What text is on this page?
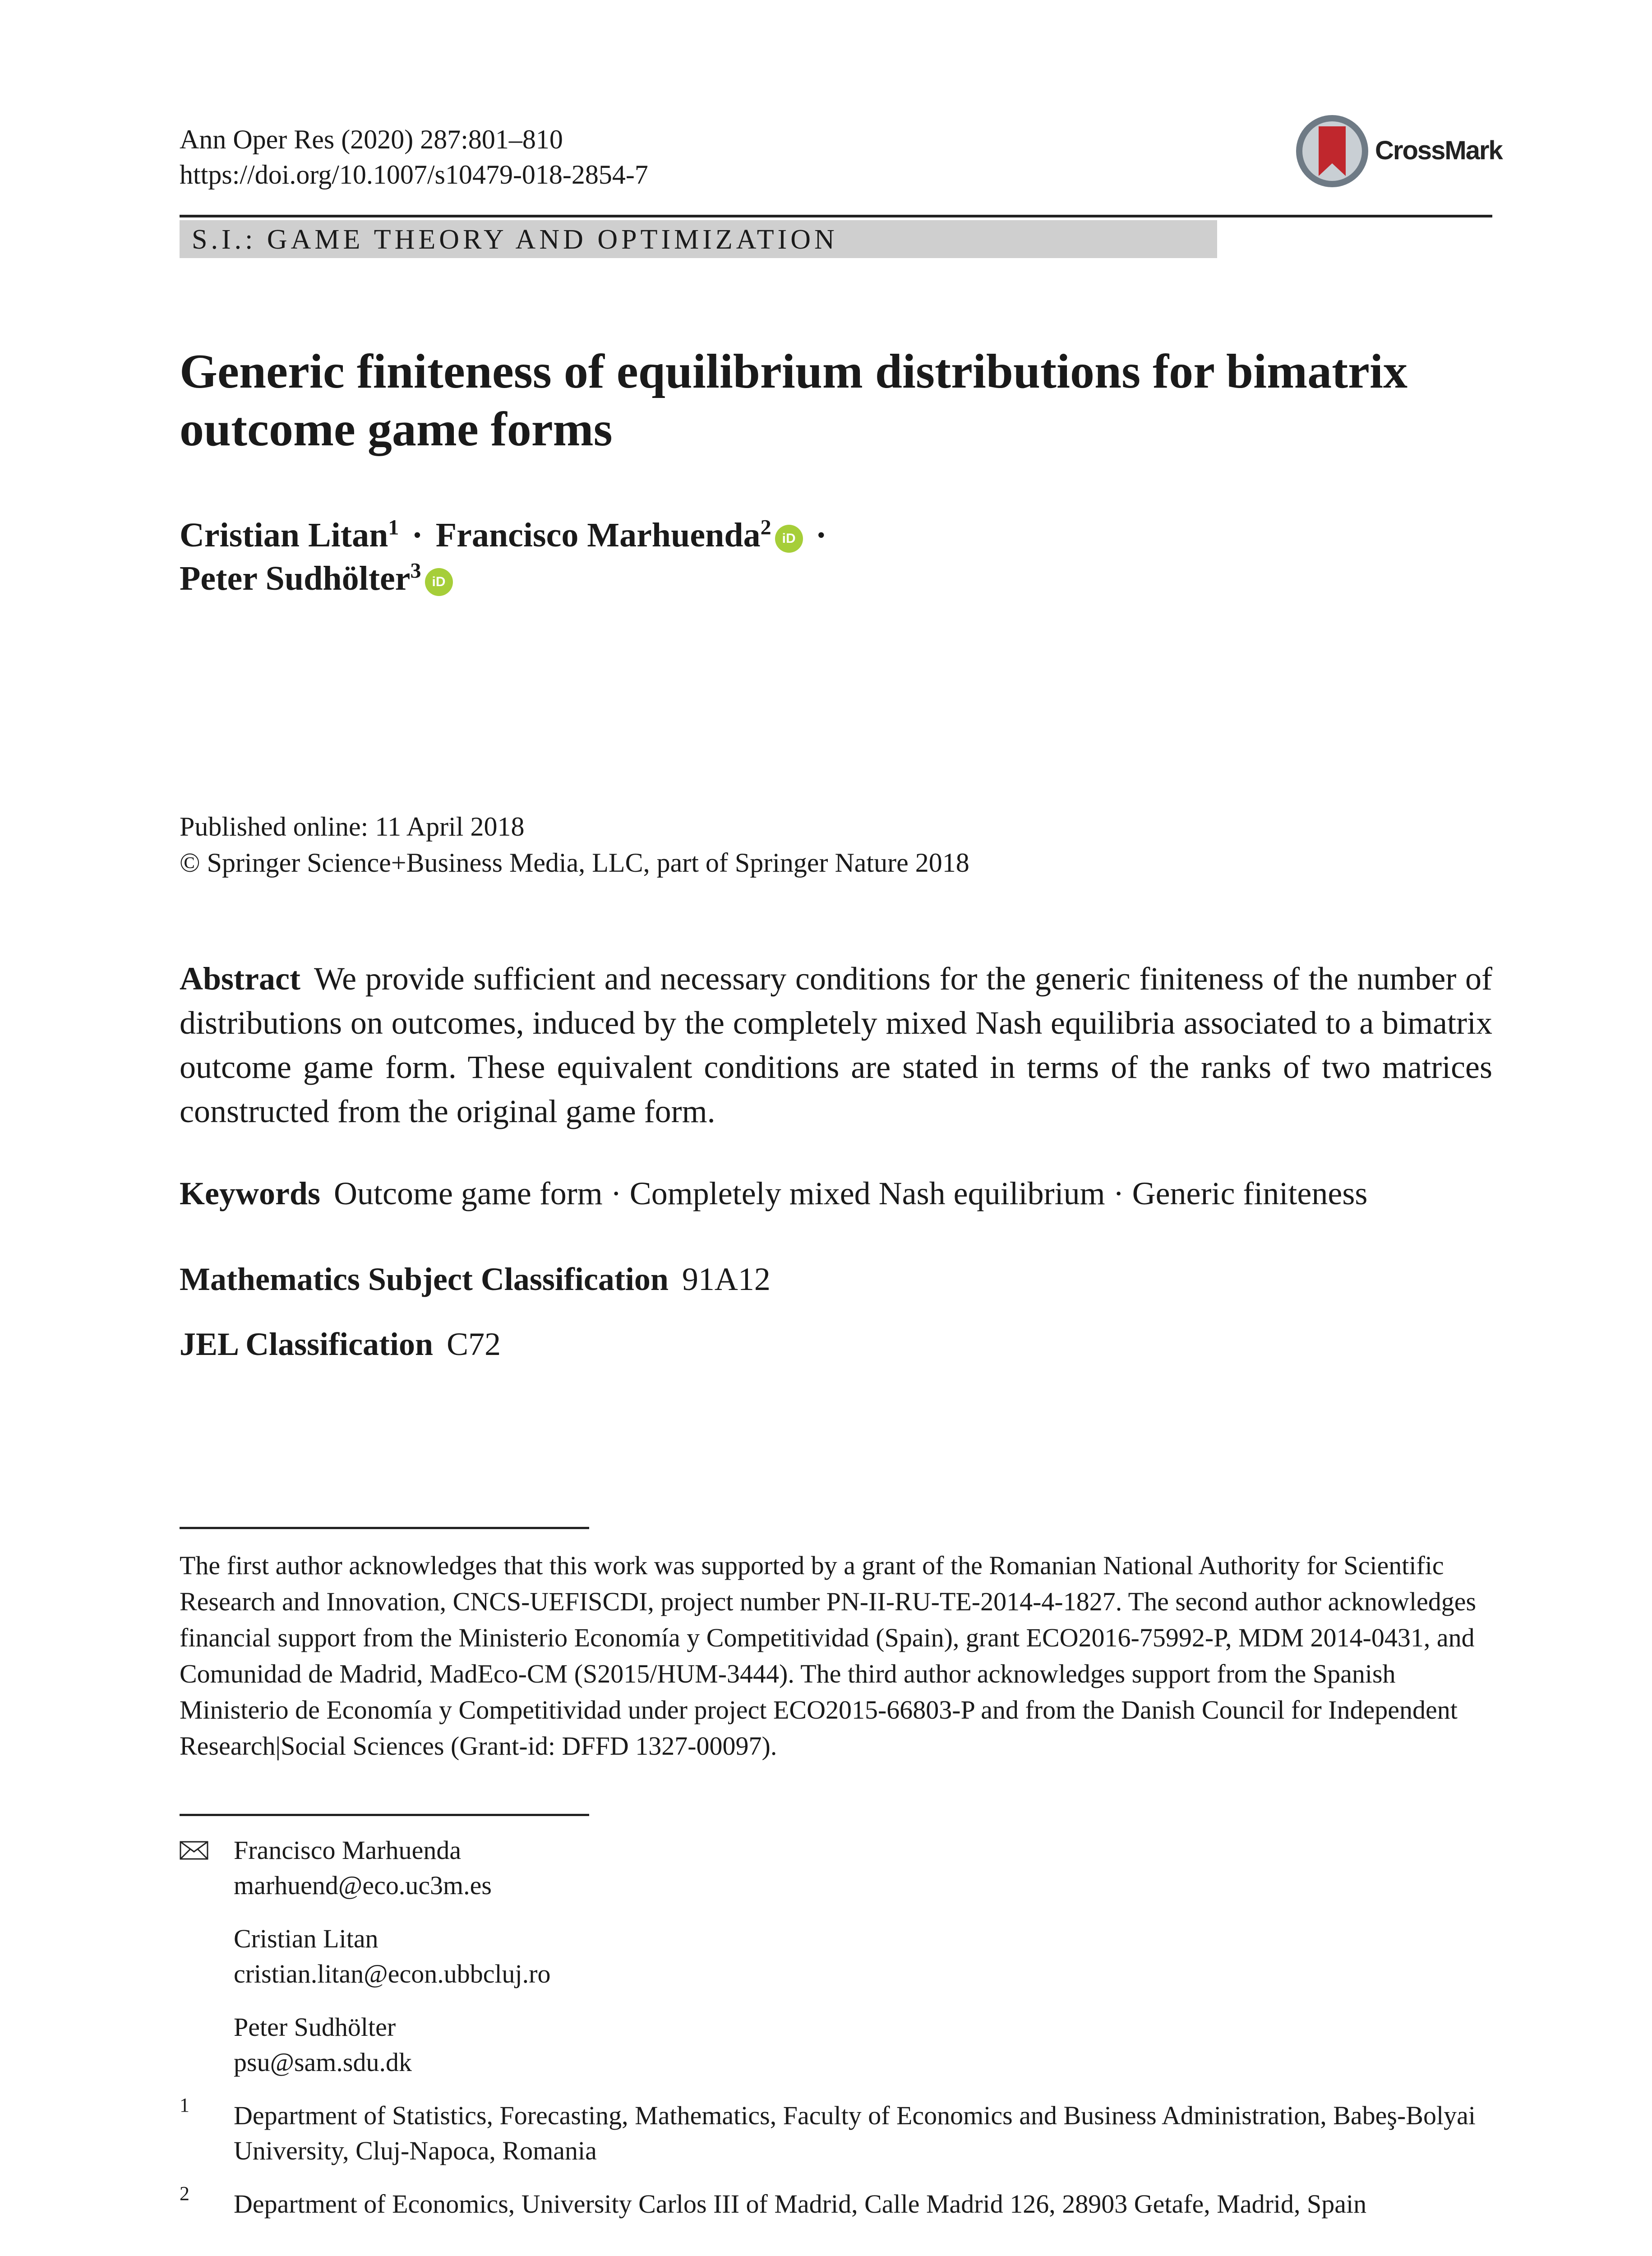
Ann Oper Res (2020) 287:801–810
https://doi.org/10.1007/s10479-018-2854-7
CrossMark
S.I.: GAME THEORY AND OPTIMIZATION
Generic finiteness of equilibrium distributions for bimatrix outcome game forms
Cristian Litan$^1$ · Francisco Marhuenda$^2$ iD ·
Peter Sudhölter$^3$ iD
Published online: 11 April 2018
© Springer Science+Business Media, LLC, part of Springer Nature 2018
Abstract We provide sufficient and necessary conditions for the generic finiteness of the number of distributions on outcomes, induced by the completely mixed Nash equilibria associated to a bimatrix outcome game form. These equivalent conditions are stated in terms of the ranks of two matrices constructed from the original game form.
Keywords Outcome game form · Completely mixed Nash equilibrium · Generic finiteness
Mathematics Subject Classification 91A12
JEL Classification C72
The first author acknowledges that this work was supported by a grant of the Romanian National Authority for Scientific Research and Innovation, CNCS-UEFISCDI, project number PN-II-RU-TE-2014-4-1827. The second author acknowledges financial support from the Ministerio Economía y Competitividad (Spain), grant ECO2016-75992-P, MDM 2014-0431, and Comunidad de Madrid, MadEco-CM (S2015/HUM-3444). The third author acknowledges support from the Spanish Ministerio de Economía y Competitividad under project ECO2015-66803-P and from the Danish Council for Independent Research|Social Sciences (Grant-id: DFFD 1327-00097).
Francisco Marhuenda
marhuend@eco.uc3m.es
Cristian Litan
cristian.litan@econ.ubbcluj.ro
Peter Sudhölter
psu@sam.sdu.dk
1 Department of Statistics, Forecasting, Mathematics, Faculty of Economics and Business Administration, Babeş-Bolyai University, Cluj-Napoca, Romania
2 Department of Economics, University Carlos III of Madrid, Calle Madrid 126, 28903 Getafe, Madrid, Spain
